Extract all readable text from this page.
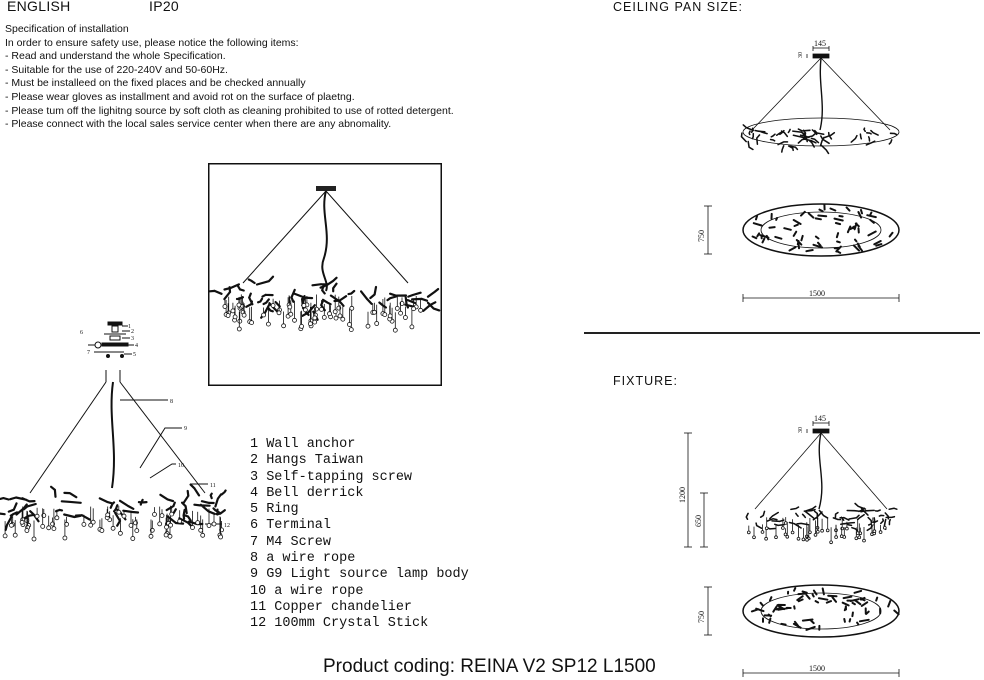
ENGLISH	IP20
Specification of installation
In order to ensure safety use, please notice the following items:
- Read and understand the whole Specification.
- Suitable for the use of 220-240V and 50-60Hz.
- Must be installeed on the fixed places and be checked annually
- Please wear gloves as installment and avoid rot on the surface of plaetng.
- Please tum off the lighitng source by soft cloth as cleaning prohibited to use of rotted detergent.
- Please connect with the local sales service center when there are any abnomality.
CEILING PAN SIZE:
FIXTURE:
1
2
3
4
5
6
7
8
9
10
11
12
1 Wall anchor
2 Hangs Taiwan
3 Self-tapping screw
4 Bell derrick
5 Ring
6 Terminal
7 M4 Screw
8 a wire rope
9 G9 Light source lamp body
10 a wire rope
11 Copper chandelier
12 100mm Crystal Stick
145
30
750
1500
145
30
1200
650
750
1500
Product coding: REINA V2 SP12 L1500
